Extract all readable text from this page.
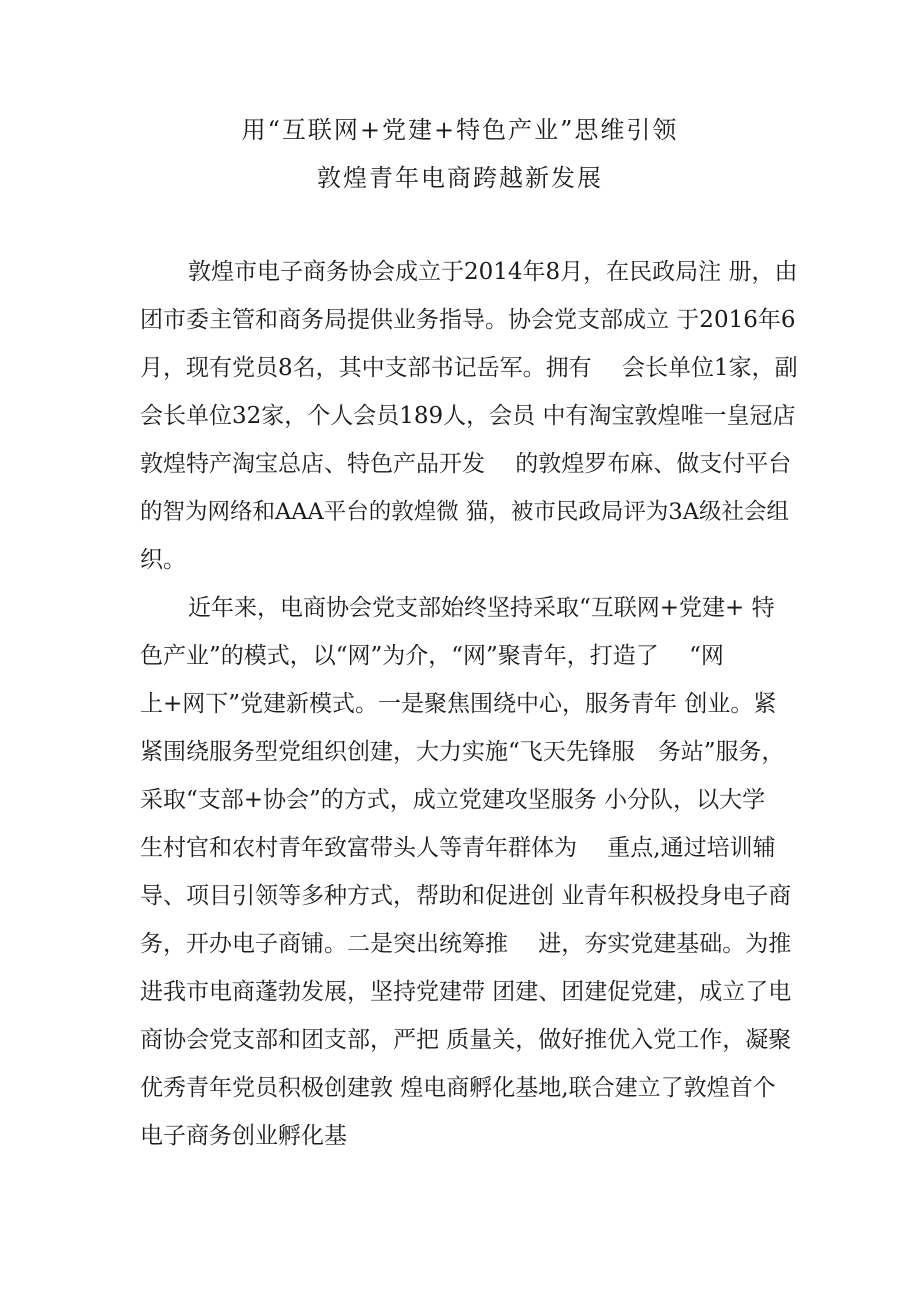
用“互联网+党建+特色产业”思维引领
敦煌青年电商跨越新发展
敦煌市电子商务协会成立于2014年8月，在民政局注 册，由
团市委主管和商务局提供业务指导。协会党支部成立 于2016年6
月，现有党员8名，其中支部书记岳军。拥有　 会长单位1家，副
会长单位32家，个人会员189人，会员 中有淘宝敦煌唯一皇冠店
敦煌特产淘宝总店、特色产品开发　 的敦煌罗布麻、做支付平台
的智为网络和AAA平台的敦煌微 猫，被市民政局评为3A级社会组
织。
近年来，电商协会党支部始终坚持采取“互联网+党建+ 特
色产业”的模式，以“网”为介，“网”聚青年，打造了　 “网
上+网下”党建新模式。一是聚焦围绕中心，服务青年 创业。紧
紧围绕服务型党组织创建，大力实施“飞天先锋服　务站”服务，
采取“支部+协会”的方式，成立党建攻坚服务 小分队，以大学
生村官和农村青年致富带头人等青年群体为　 重点,通过培训辅
导、项目引领等多种方式，帮助和促进创 业青年积极投身电子商
务，开办电子商铺。二是突出统筹推　 进，夯实党建基础。为推
进我市电商蓬勃发展，坚持党建带 团建、团建促党建，成立了电
商协会党支部和团支部，严把 质量关，做好推优入党工作，凝聚
优秀青年党员积极创建敦 煌电商孵化基地,联合建立了敦煌首个
电子商务创业孵化基
